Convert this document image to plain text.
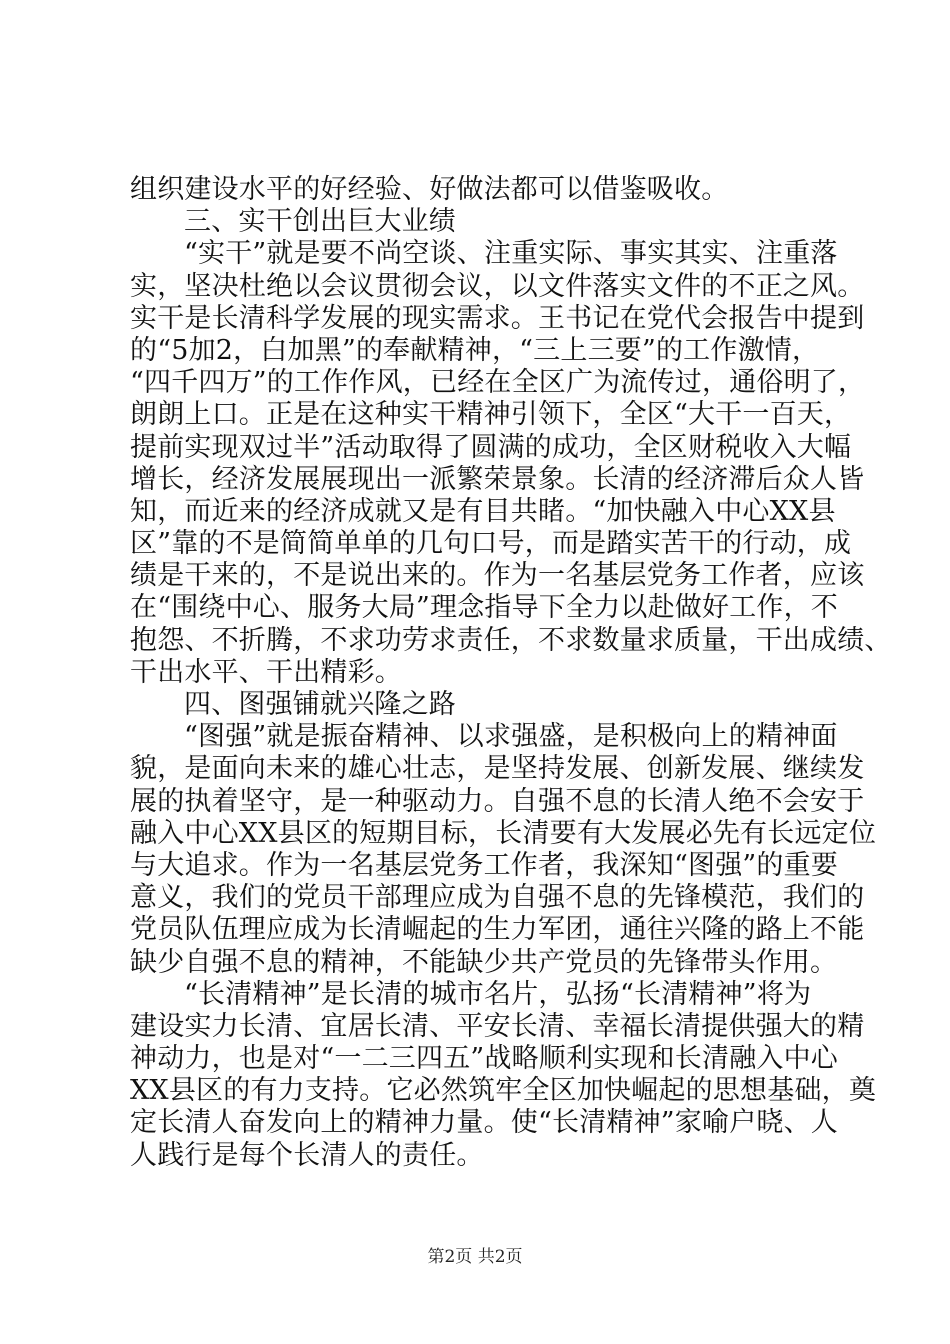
组织建设水平的好经验、好做法都可以借鉴吸收。
三、实干创出巨大业绩
“实干”就是要不尚空谈、注重实际、事实其实、注重落
实，坚决杜绝以会议贯彻会议，以文件落实文件的不正之风。
实干是长清科学发展的现实需求。王书记在党代会报告中提到
的“5加2，白加黑”的奉献精神，“三上三要”的工作激情，
“四千四万”的工作作风，已经在全区广为流传过，通俗明了，
朗朗上口。正是在这种实干精神引领下，全区“大干一百天，
提前实现双过半”活动取得了圆满的成功，全区财税收入大幅
增长，经济发展展现出一派繁荣景象。长清的经济滞后众人皆
知，而近来的经济成就又是有目共睹。“加快融入中心XX县
区”靠的不是简简单单的几句口号，而是踏实苦干的行动，成
绩是干来的，不是说出来的。作为一名基层党务工作者，应该
在“围绕中心、服务大局”理念指导下全力以赴做好工作，不
抱怨、不折腾，不求功劳求责任，不求数量求质量，干出成绩、
干出水平、干出精彩。
四、图强铺就兴隆之路
“图强”就是振奋精神、以求强盛，是积极向上的精神面
貌，是面向未来的雄心壮志，是坚持发展、创新发展、继续发
展的执着坚守，是一种驱动力。自强不息的长清人绝不会安于
融入中心XX县区的短期目标，长清要有大发展必先有长远定位
与大追求。作为一名基层党务工作者，我深知“图强”的重要
意义，我们的党员干部理应成为自强不息的先锋模范，我们的
党员队伍理应成为长清崛起的生力军团，通往兴隆的路上不能
缺少自强不息的精神，不能缺少共产党员的先锋带头作用。
“长清精神”是长清的城市名片，弘扬“长清精神”将为
建设实力长清、宜居长清、平安长清、幸福长清提供强大的精
神动力，也是对“一二三四五”战略顺利实现和长清融入中心
XX县区的有力支持。它必然筑牢全区加快崛起的思想基础，奠
定长清人奋发向上的精神力量。使“长清精神”家喻户晓、人
人践行是每个长清人的责任。
第2页 共2页
